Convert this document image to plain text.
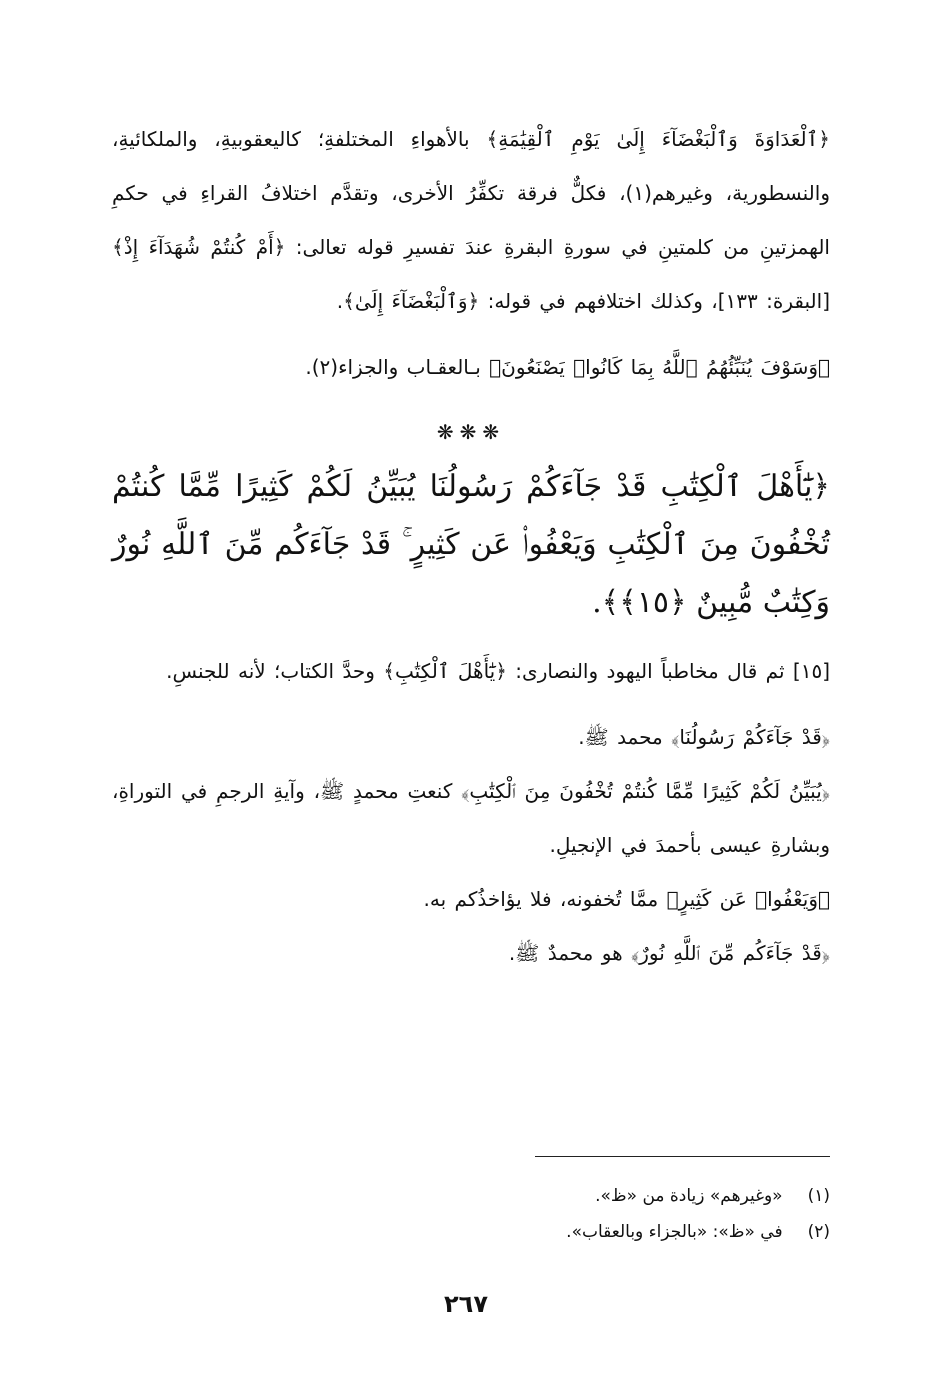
﴿ٱلْعَدَاوَةَ وَٱلْبَغْضَآءَ إِلَىٰ يَوْمِ ٱلْقِيَٰمَةِ﴾ بالأهواءِ المختلفةِ؛ كاليعقوبيةِ، والملكائيةِ، والنسطورية، وغيرهم(١)، فكلٌّ فرقة تكفِّرُ الأخرى، وتقدَّم اختلافُ القراءِ في حكمِ الهمزتينِ من كلمتينِ في سورةِ البقرةِ عندَ تفسيرِ قوله تعالى: ﴿أَمْ كُنتُمْ شُهَدَآءَ إِذْ﴾ [البقرة: ١٣٣]، وكذلك اختلافهم في قوله: ﴿وَٱلْبَغْضَآءَ إِلَىٰ﴾.

﴿وَسَوْفَ يُنَبِّئُهُمُ ٱللَّهُ بِمَا كَانُوا۟ يَصْنَعُونَ﴾ بـالعقـاب والجزاء(٢).

❋❋❋

﴿يَٰٓأَهْلَ ٱلْكِتَٰبِ قَدْ جَآءَكُمْ رَسُولُنَا يُبَيِّنُ لَكُمْ كَثِيرًا مِّمَّا كُنتُمْ تُخْفُونَ مِنَ ٱلْكِتَٰبِ وَيَعْفُوا۟ عَن كَثِيرٍ ۚ قَدْ جَآءَكُم مِّنَ ٱللَّهِ نُورٌ وَكِتَٰبٌ مُّبِينٌ ﴿١٥﴾﴾.

[١٥] ثم قال مخاطباً اليهود والنصارى: ﴿يَٰٓأَهْلَ ٱلْكِتَٰبِ﴾ وحدَّ الكتاب؛ لأنه للجنسِ.

﴿قَدْ جَآءَكُمْ رَسُولُنَا﴾ محمد ﷺ.

﴿يُبَيِّنُ لَكُمْ كَثِيرًا مِّمَّا كُنتُمْ تُخْفُونَ مِنَ ٱلْكِتَٰبِ﴾ كنعتِ محمدٍ ﷺ، وآيةِ الرجمِ في التوراةِ، وبشارةِ عيسى بأحمدَ في الإنجيلِ.

﴿وَيَعْفُوا۟ عَن كَثِيرٍ﴾ ممَّا تُخفونه، فلا يؤاخذُكم به.

﴿قَدْ جَآءَكُم مِّنَ ٱللَّهِ نُورٌ﴾ هو محمدٌ ﷺ.

(١) «وغيرهم» زيادة من «ظ».
(٢) في «ظ»: «بالجزاء وبالعقاب».
٢٦٧
